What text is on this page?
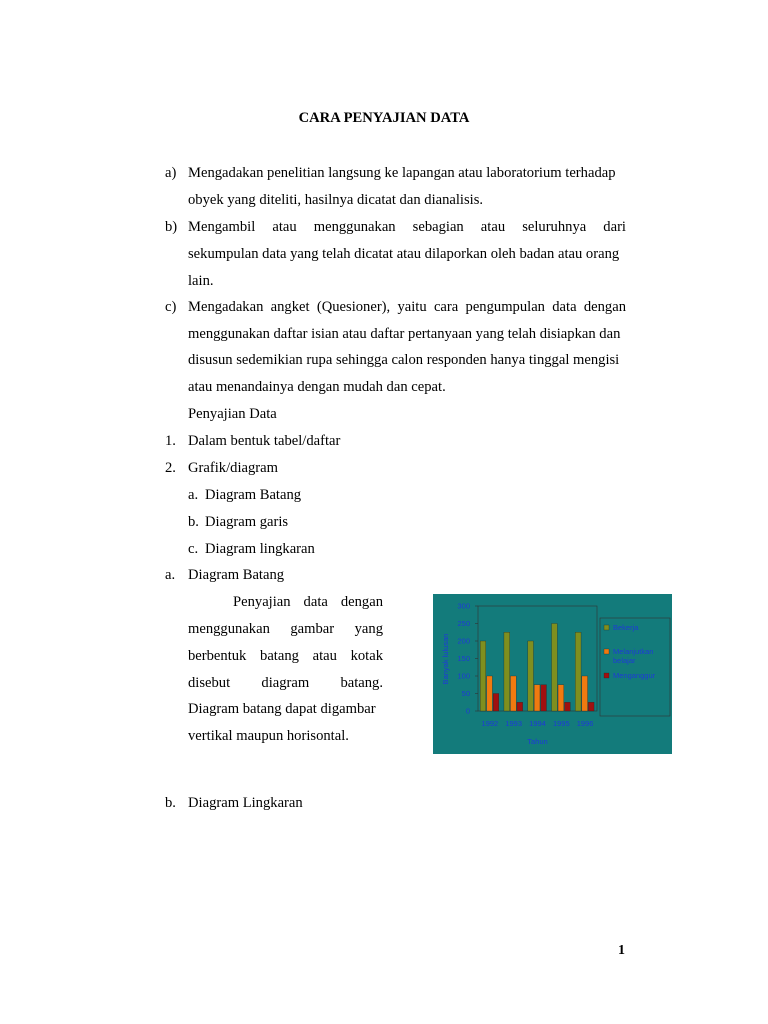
CARA PENYAJIAN DATA
a) Mengadakan penelitian langsung ke lapangan atau laboratorium terhadap
obyek yang diteliti, hasilnya dicatat dan dianalisis.
b) Mengambil atau menggunakan sebagian atau seluruhnya dari
sekumpulan data yang telah dicatat atau dilaporkan oleh badan atau orang
lain.
c) Mengadakan angket (Quesioner), yaitu cara pengumpulan data dengan
menggunakan daftar isian atau daftar pertanyaan yang telah disiapkan dan
disusun sedemikian rupa sehingga calon responden hanya tinggal mengisi
atau menandainya dengan mudah dan cepat.
Penyajian Data
1. Dalam bentuk tabel/daftar
2. Grafik/diagram
a. Diagram Batang
b. Diagram garis
c. Diagram lingkaran
a. Diagram Batang
Penyajian data dengan
menggunakan gambar yang
berbentuk batang atau kotak
disebut diagram batang.
Diagram batang dapat digambar
vertikal maupun horisontal.
0
50
100
150
200
250
300
1992 1993 1994 1995 1996
Tahun
Banyak lulusan
Bekerja
Melanjutkan
belajar
Menganggur
b. Diagram Lingkaran
1
